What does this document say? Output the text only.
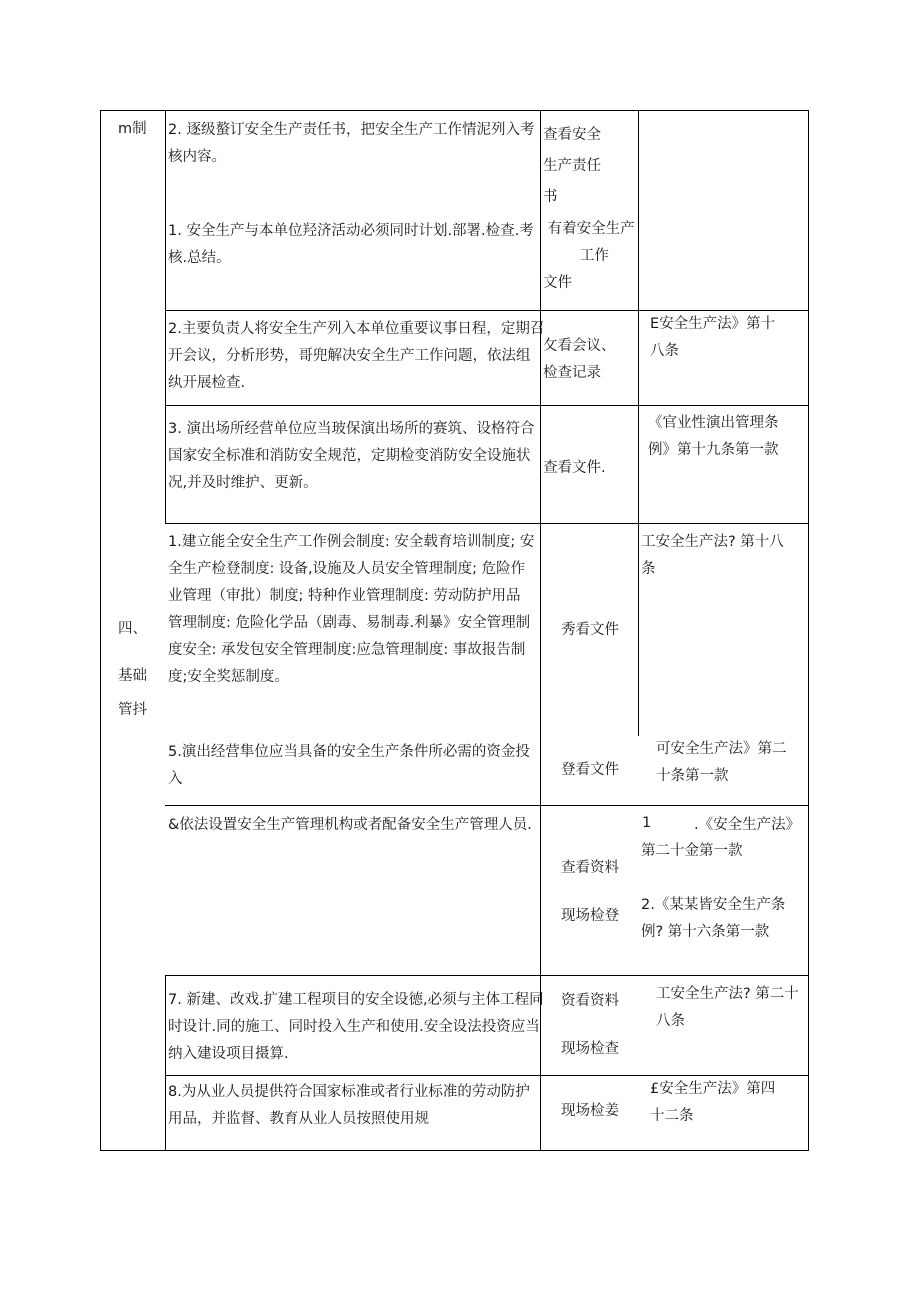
m制
四、
基础
管抖
2. 逐级螯订安全生产责任书，把安全生产工作情泥列入考
核内容。
查看安全
生产责任
书
1. 安全生产与本单位羟济活动必须同时计划.部署.检查.考
核.总结。
有着安全生产
工作
文件
2.主要负责人将安全生产列入本单位重要议事日程，定期召
开会议，分析形势，哥兜解决安全生产工作问题，依法组
纨开展检查.
攵看会议、
检查记录
E安全生产法》第十
八条
3. 演出场所经营单位应当玻保演出场所的赛筑、设格符合
国家安全标准和消防安全规范，定期检变消防安全设施状
况,并及时维护、更新。
查看文件.
《官业性演出管理条
例》第十九条第一款
1.建立能全安全生产工作例会制度: 安全载育培训制度; 安
全生产检登制度: 设备,设施及人员安全管理制度; 危险作
业管理（审批）制度; 特种作业管理制度: 劳动防护用品
管理制度: 危险化学品（剧毒、易制毒.利暴》安全管理制
度安全: 承发包安全管理制度:应急管理制度: 事故报告制
度;安全奖惩制度。
秀看文件
工安全生产法? 第十八
条
5.演出经营隼位应当具备的安全生产条件所必需的资金投
入
登看文件
可安全生产法》第二
十条第一款
&依法设置安全生产管理机构或者配备安全生产管理人员.
查看资料

现场检登
1	.《安全生产法》
第二十金第一款

2.《某某皆安全生产条
例? 第十六条第一款
7. 新建、改戏.扩建工程项目的安全设德,必须与主体工程同
时设计.同的施工、同时投入生产和使用.安全设法投资应当
纳入建设项目摄算.
资看资料

现场检查
工安全生产法? 第二十
八条
8.为从业人员提供符合国家标准或者行业标准的劳动防护
用品，并监督、教育从业人员按照使用规	现场检姜
£安全生产法》第四
十二条
